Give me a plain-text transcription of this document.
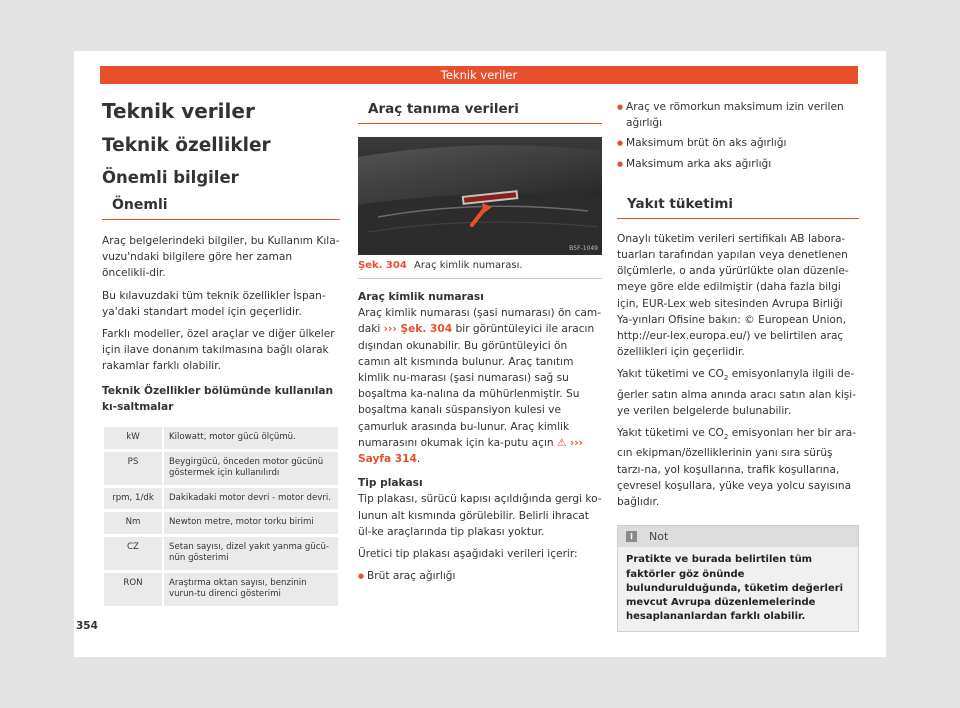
Teknik veriler
Teknik veriler
Teknik özellikler
Önemli bilgiler
Önemli

Araç belgelerindeki bilgiler, bu Kullanım Kıla-vuzu'ndaki bilgilere göre her zaman öncelikli-dir.

Bu kılavuzdaki tüm teknik özellikler İspan-ya'daki standart model için geçerlidir.

Farklı modeller, özel araçlar ve diğer ülkeler için ilave donanım takılmasına bağlı olarak rakamlar farklı olabilir.

Teknik Özellikler bölümünde kullanılan kı-saltmalar

kW	Kilowatt, motor gücü ölçümü.
PS	Beygirgücü, önceden motor gücünü göstermek için kullanılırdı
rpm, 1/dk	Dakikadaki motor devri - motor devri.
Nm	Newton metre, motor torku birimi
CZ	Setan sayısı, dizel yakıt yanma gücü-nün gösterimi
RON	Araştırma oktan sayısı, benzinin vurun-tu direnci gösterimi
Araç tanıma verileri
B5F-1049
Şek. 304 Araç kimlik numarası.

Araç kimlik numarası

Araç kimlik numarası (şasi numarası) ön cam-daki ››› Şek. 304 bir görüntüleyici ile aracın dışından okunabilir. Bu görüntüleyici ön camın alt kısmında bulunur. Araç tanıtım kimlik nu-marası (şasi numarası) sağ su boşaltma ka-nalına da mühürlenmiştir. Su boşaltma kanalı süspansiyon kulesi ve çamurluk arasında bu-lunur. Araç kimlik numarasını okumak için ka-putu açın ⚠ ››› Sayfa 314.

Tip plakası

Tip plakası, sürücü kapısı açıldığında gergi ko-lunun alt kısmında görülebilir. Belirli ihracat ül-ke araçlarında tip plakası yoktur.

Üretici tip plakası aşağıdaki verileri içerir:

● Brüt araç ağırlığı
● Araç ve römorkun maksimum izin verilen ağırlığı
● Maksimum brüt ön aks ağırlığı
● Maksimum arka aks ağırlığı
Yakıt tüketimi

Onaylı tüketim verileri sertifikalı AB labora-tuarları tarafından yapılan veya denetlenen ölçümlerle, o anda yürürlükte olan düzenle-meye göre elde edilmiştir (daha fazla bilgi için, EUR-Lex web sitesinden Avrupa Birliği Ya-yınları Ofisine bakın: © European Union, http://eur-lex.europa.eu/) ve belirtilen araç özellikleri için geçerlidir.

Yakıt tüketimi ve $CO_2$ emisyonlarıyla ilgili de-ğerler satın alma anında aracı satın alan kişi-ye verilen belgelerde bulunabilir.

Yakıt tüketimi ve $CO_2$ emisyonları her bir ara-cın ekipman/özelliklerinin yanı sıra sürüş tarzı-na, yol koşullarına, trafik koşullarına, çevresel koşullara, yüke veya yolcu sayısına bağlıdır.

i	Not
Pratikte ve burada belirtilen tüm faktörler göz önünde bulundurulduğunda, tüketim değerleri mevcut Avrupa düzenlemelerinde hesaplananlardan farklı olabilir.
354
